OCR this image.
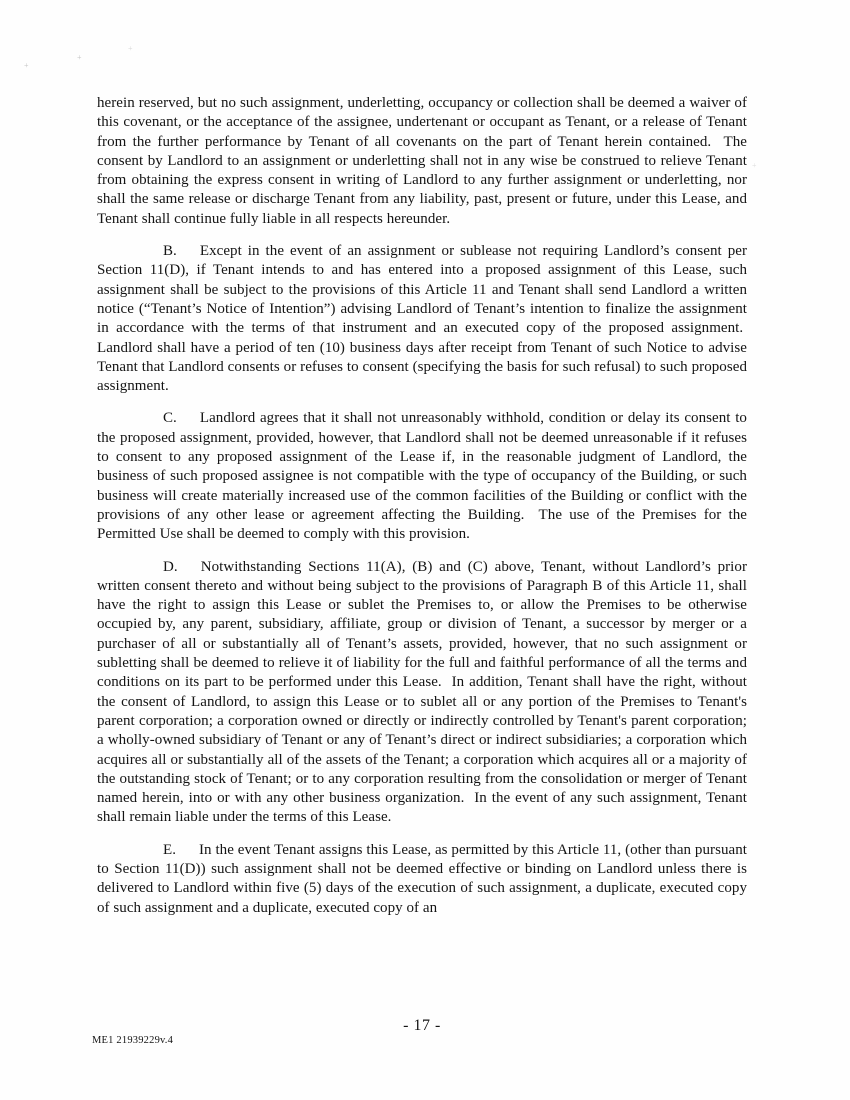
+
+
+
+

herein reserved, but no such assignment, underletting, occupancy or collection shall be deemed a waiver of this covenant, or the acceptance of the assignee, undertenant or occupant as Tenant, or a release of Tenant from the further performance by Tenant of all covenants on the part of Tenant herein contained.  The consent by Landlord to an assignment or underletting shall not in any wise be construed to relieve Tenant from obtaining the express consent in writing of Landlord to any further assignment or underletting, nor shall the same release or discharge Tenant from any liability, past, present or future, under this Lease, and Tenant shall continue fully liable in all respects hereunder.

B. Except in the event of an assignment or sublease not requiring Landlord’s consent per Section 11(D), if Tenant intends to and has entered into a proposed assignment of this Lease, such assignment shall be subject to the provisions of this Article 11 and Tenant shall send Landlord a written notice (“Tenant’s Notice of Intention”) advising Landlord of Tenant’s intention to finalize the assignment in accordance with the terms of that instrument and an executed copy of the proposed assignment.  Landlord shall have a period of ten (10) business days after receipt from Tenant of such Notice to advise Tenant that Landlord consents or refuses to consent (specifying the basis for such refusal) to such proposed assignment.

C. Landlord agrees that it shall not unreasonably withhold, condition or delay its consent to the proposed assignment, provided, however, that Landlord shall not be deemed unreasonable if it refuses to consent to any proposed assignment of the Lease if, in the reasonable judgment of Landlord, the business of such proposed assignee is not compatible with the type of occupancy of the Building, or such business will create materially increased use of the common facilities of the Building or conflict with the provisions of any other lease or agreement affecting the Building.  The use of the Premises for the Permitted Use shall be deemed to comply with this provision.

D. Notwithstanding Sections 11(A), (B) and (C) above, Tenant, without Landlord’s prior written consent thereto and without being subject to the provisions of Paragraph B of this Article 11, shall have the right to assign this Lease or sublet the Premises to, or allow the Premises to be otherwise occupied by, any parent, subsidiary, affiliate, group or division of Tenant, a successor by merger or a purchaser of all or substantially all of Tenant’s assets, provided, however, that no such assignment or subletting shall be deemed to relieve it of liability for the full and faithful performance of all the terms and conditions on its part to be performed under this Lease.  In addition, Tenant shall have the right, without the consent of Landlord, to assign this Lease or to sublet all or any portion of the Premises to Tenant's parent corporation; a corporation owned or directly or indirectly controlled by Tenant's parent corporation; a wholly-owned subsidiary of Tenant or any of Tenant’s direct or indirect subsidiaries; a corporation which acquires all or substantially all of the assets of the Tenant; a corporation which acquires all or a majority of the outstanding stock of Tenant; or to any corporation resulting from the consolidation or merger of Tenant named herein, into or with any other business organization.  In the event of any such assignment, Tenant shall remain liable under the terms of this Lease.

E. In the event Tenant assigns this Lease, as permitted by this Article 11, (other than pursuant to Section 11(D)) such assignment shall not be deemed effective or binding on Landlord unless there is delivered to Landlord within five (5) days of the execution of such assignment, a duplicate, executed copy of such assignment and a duplicate, executed copy of an

- 17 -
ME1 21939229v.4
